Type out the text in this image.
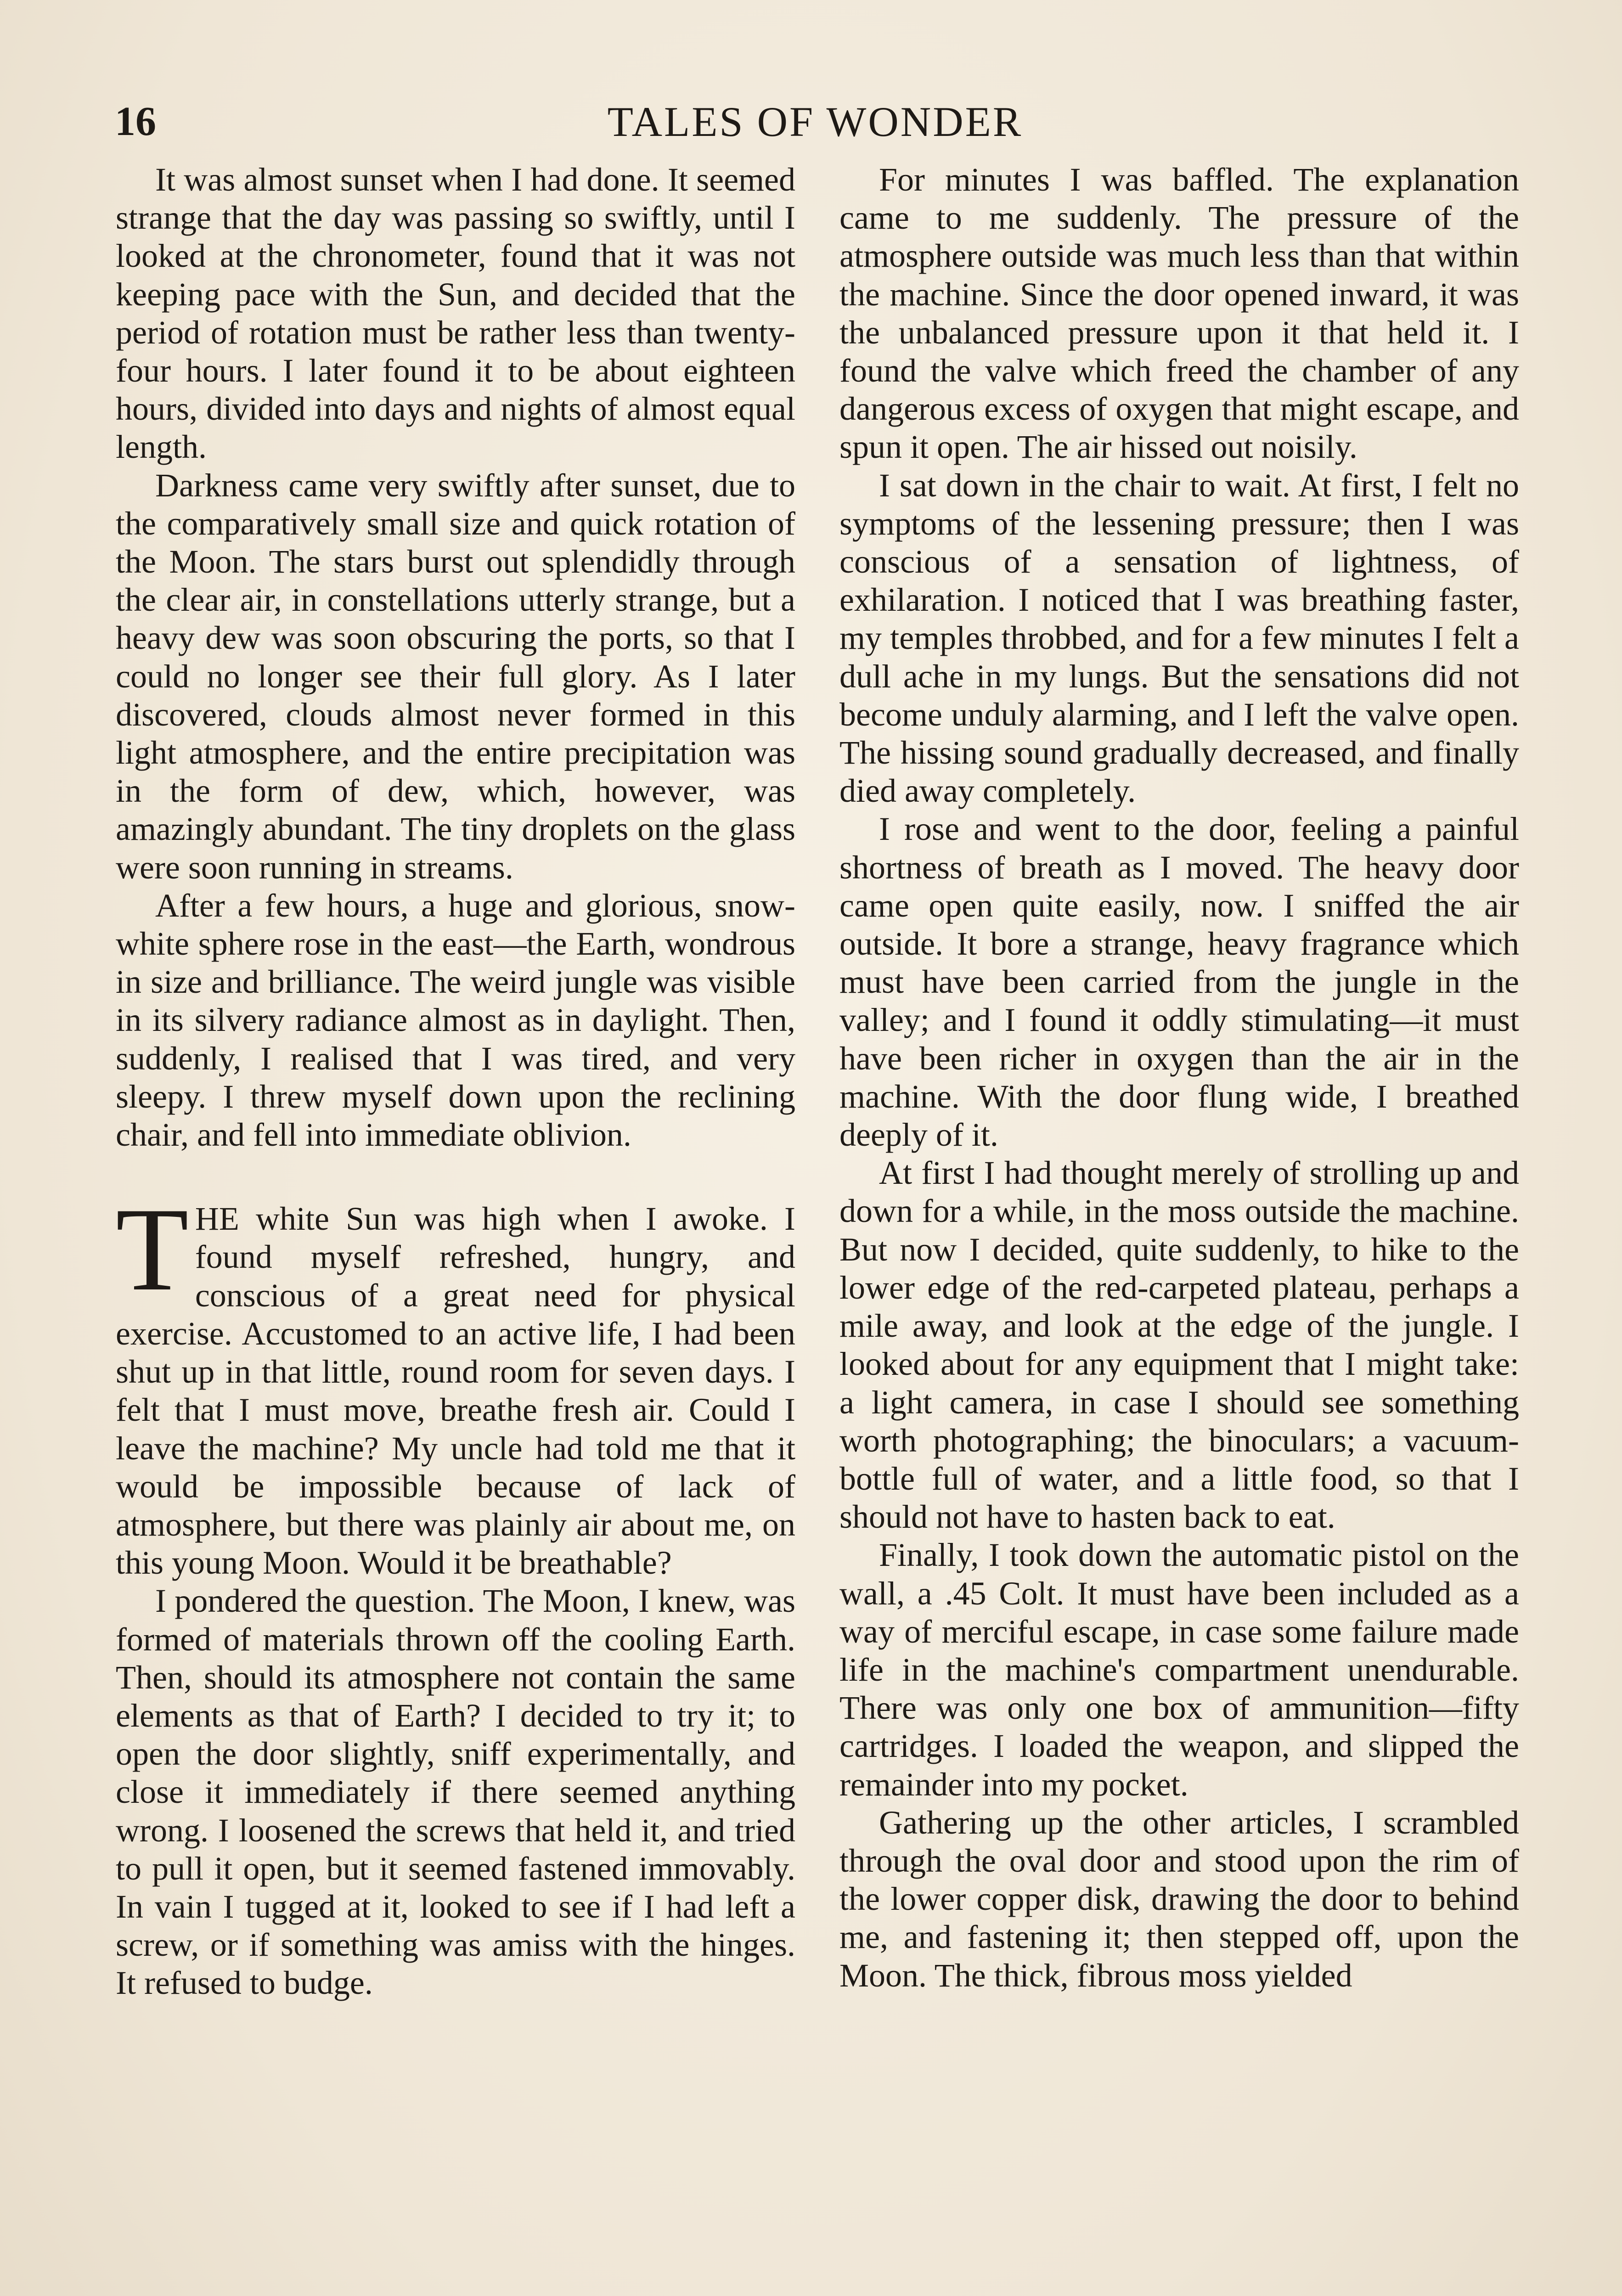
16	TALES OF WONDER

It was almost sunset when I had done. It seemed strange that the day was passing so swiftly, until I looked at the chronometer, found that it was not keeping pace with the Sun, and decided that the period of rotation must be rather less than twenty-four hours. I later found it to be about eighteen hours, divided into days and nights of almost equal length.

Darkness came very swiftly after sunset, due to the comparatively small size and quick rotation of the Moon. The stars burst out splendidly through the clear air, in constellations utterly strange, but a heavy dew was soon obscuring the ports, so that I could no longer see their full glory. As I later discovered, clouds almost never formed in this light atmosphere, and the entire precipitation was in the form of dew, which, however, was amazingly abundant. The tiny droplets on the glass were soon running in streams.

After a few hours, a huge and glorious, snow-white sphere rose in the east—the Earth, wondrous in size and brilliance. The weird jungle was visible in its silvery radiance almost as in daylight. Then, suddenly, I realised that I was tired, and very sleepy. I threw myself down upon the reclining chair, and fell into immediate oblivion.

THE white Sun was high when I awoke. I found myself refreshed, hungry, and conscious of a great need for physical exercise. Accustomed to an active life, I had been shut up in that little, round room for seven days. I felt that I must move, breathe fresh air. Could I leave the machine? My uncle had told me that it would be impossible because of lack of atmosphere, but there was plainly air about me, on this young Moon. Would it be breathable?

I pondered the question. The Moon, I knew, was formed of materials thrown off the cooling Earth. Then, should its atmosphere not contain the same elements as that of Earth? I decided to try it; to open the door slightly, sniff experimentally, and close it immediately if there seemed anything wrong. I loosened the screws that held it, and tried to pull it open, but it seemed fastened immovably. In vain I tugged at it, looked to see if I had left a screw, or if something was amiss with the hinges. It refused to budge.

For minutes I was baffled. The explanation came to me suddenly. The pressure of the atmosphere outside was much less than that within the machine. Since the door opened inward, it was the unbalanced pressure upon it that held it. I found the valve which freed the chamber of any dangerous excess of oxygen that might escape, and spun it open. The air hissed out noisily.

I sat down in the chair to wait. At first, I felt no symptoms of the lessening pressure; then I was conscious of a sensation of lightness, of exhilaration. I noticed that I was breathing faster, my temples throbbed, and for a few minutes I felt a dull ache in my lungs. But the sensations did not become unduly alarming, and I left the valve open. The hissing sound gradually decreased, and finally died away completely.

I rose and went to the door, feeling a painful shortness of breath as I moved. The heavy door came open quite easily, now. I sniffed the air outside. It bore a strange, heavy fragrance which must have been carried from the jungle in the valley; and I found it oddly stimulating—it must have been richer in oxygen than the air in the machine. With the door flung wide, I breathed deeply of it.

At first I had thought merely of strolling up and down for a while, in the moss outside the machine. But now I decided, quite suddenly, to hike to the lower edge of the red-carpeted plateau, perhaps a mile away, and look at the edge of the jungle. I looked about for any equipment that I might take: a light camera, in case I should see something worth photographing; the binoculars; a vacuum-bottle full of water, and a little food, so that I should not have to hasten back to eat.

Finally, I took down the automatic pistol on the wall, a .45 Colt. It must have been included as a way of merciful escape, in case some failure made life in the machine's compartment unendurable. There was only one box of ammunition—fifty cartridges. I loaded the weapon, and slipped the remainder into my pocket.

Gathering up the other articles, I scrambled through the oval door and stood upon the rim of the lower copper disk, drawing the door to behind me, and fastening it; then stepped off, upon the Moon. The thick, fibrous moss yielded
